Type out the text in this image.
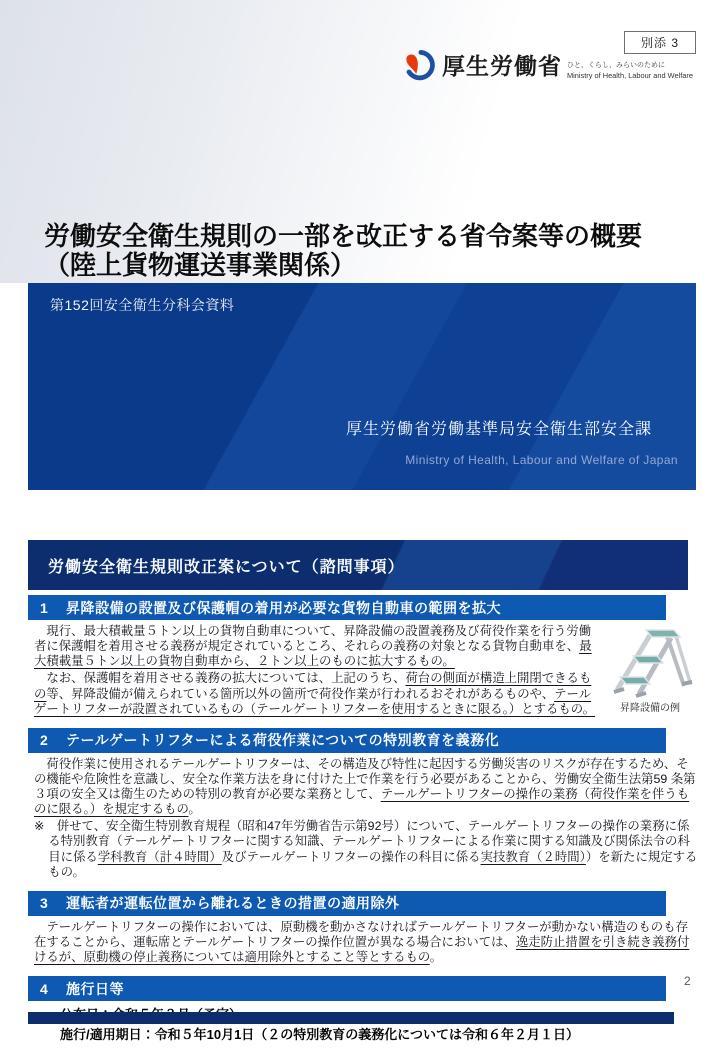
別添 3
厚生労働省 ひと、くらし、みらいのために
Ministry of Health, Labour and Welfare
労働安全衛生規則の一部を改正する省令案等の概要
（陸上貨物運送事業関係）
第152回安全衛生分科会資料
厚生労働省労働基準局安全衛生部安全課
Ministry of Health, Labour and Welfare of Japan
労働安全衛生規則改正案について（諮問事項）
1	昇降設備の設置及び保護帽の着用が必要な貨物自動車の範囲を拡大

　現行、最大積載量５トン以上の貨物自動車について、昇降設備の設置義務及び荷役作業を行う労働者に保護帽を着用させる義務が規定されているところ、それらの義務の対象となる貨物自動車を、最大積載量５トン以上の貨物自動車から、２トン以上のものに拡大するもの。

　なお、保護帽を着用させる義務の拡大については、上記のうち、荷台の側面が構造上開閉できるもの等、昇降設備が備えられている箇所以外の箇所で荷役作業が行われるおそれがあるものや、テールゲートリフターが設置されているもの（テールゲートリフターを使用するときに限る。）とするもの。	昇降設備の例
2	テールゲートリフターによる荷役作業についての特別教育を義務化

　荷役作業に使用されるテールゲートリフターは、その構造及び特性に起因する労働災害のリスクが存在するため、その機能や危険性を意識し、安全な作業方法を身に付けた上で作業を行う必要があることから、労働安全衛生法第59 条第３項の安全又は衛生のための特別の教育が必要な業務として、テールゲートリフターの操作の業務（荷役作業を伴うものに限る。）を規定するもの。

※　併せて、安全衛生特別教育規程（昭和47年労働省告示第92号）について、テールゲートリフターの操作の業務に係る特別教育（テールゲートリフターに関する知識、テールゲートリフターによる作業に関する知識及び関係法令の科目に係る学科教育（計４時間）及びテールゲートリフターの操作の科目に係る実技教育（２時間））を新たに規定するもの。

3	運転者が運転位置から離れるときの措置の適用除外

　テールゲートリフターの操作においては、原動機を動かさなければテールゲートリフターが動かない構造のものも存在することから、運転席とテールゲートリフターの操作位置が異なる場合においては、逸走防止措置を引き続き義務付けるが、原動機の停止義務については適用除外とすること等とするもの。

4	施行日等

施行/適用期日：令和５年10月1日（２の特別教育の義務化については令和６年２月１日）

2
